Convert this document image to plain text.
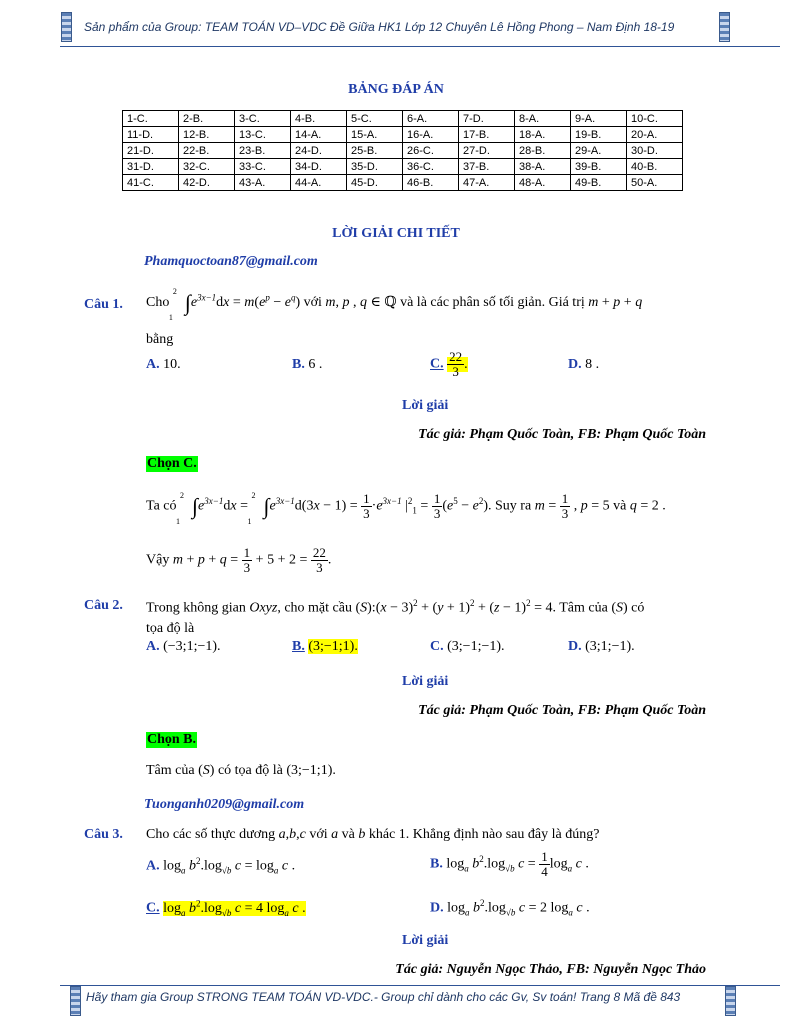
Sản phẩm của Group: TEAM TOÁN VD–VDC Đề Giữa HK1 Lớp 12 Chuyên Lê Hồng Phong – Nam Định 18-19
BẢNG ĐÁP ÁN
1-C.	2-B.	3-C.	4-B.	5-C.	6-A.	7-D.	8-A.	9-A.	10-C.
11-D.	12-B.	13-C.	14-A.	15-A.	16-A.	17-B.	18-A.	19-B.	20-A.
21-D.	22-B.	23-B.	24-D.	25-B.	26-C.	27-D.	28-B.	29-A.	30-D.
31-D.	32-C.	33-C.	34-D.	35-D.	36-C.	37-B.	38-A.	39-B.	40-B.
41-C.	42-D.	43-A.	44-A.	45-D.	46-B.	47-A.	48-A.	49-B.	50-A.
LỜI GIẢI CHI TIẾT
Phamquoctoan87@gmail.com
Câu 1. Cho
2
1
$\int e^{3x-1}dx = m(e^p - e^q)$ với m, p , q ∈ ℚ và là các phân số tối giản. Giá trị m + p + q
bằng
A. 10.	B. 6 .	C. $\frac{22}{3}$ .	D. 8 .
Lời giải
Tác giả: Phạm Quốc Toàn, FB: Phạm Quốc Toàn
Chọn C.
Ta có
2
1
$\int e^{3x-1}dx$ =
2
1
$\int e^{3x-1}d(3x - 1) = \frac{1}{3} \cdot e^{3x-1}$ $|^2_1 = \frac{1}{3} (e^5 - e^2)$. Suy ra $m = \frac{1}{3}$ , p = 5 và q = 2 .
Vậy $m + p + q = \frac{1}{3} + 5 + 2 = \frac{22}{3}$ .
Câu 2. Trong không gian Oxyz, cho mặt cầu (S):(x − $3)^2 + (y + 1)^2 + (z - 1)^2 = 4$. Tâm của (S) có
tọa độ là
A. (−3;1;−1).	B. (3;−1;1).	C. (3;−1;−1).	D. (3;1;−1).
Lời giải
Tác giả: Phạm Quốc Toàn, FB: Phạm Quốc Toàn
Chọn B.
Tâm của (S) có tọa độ là (3;−1;1).
Tuonganh0209@gmail.com
Câu 3. Cho các số thực dương a,b,c với a và b khác 1. Khẳng định nào sau đây là đúng?
A. $\log_a b^2.\log_{√b}$ $c = \log_a c$ .	B. $\log_a b^2.\log_{√b}$ $c = \frac{1}{4} \log_a c$ .
C. $\log_a b^2.\log_{√b}$ c = 4 $\log_a c$ .	D. $\log_a b^2.\log_{√b}$ c = 2 $\log_a c$ .
Lời giải
Tác giả: Nguyễn Ngọc Thảo, FB: Nguyễn Ngọc Thảo
Hãy tham gia Group STRONG TEAM TOÁN VD-VDC.- Group chỉ dành cho các Gv, Sv toán! Trang 8 Mã đề 843
